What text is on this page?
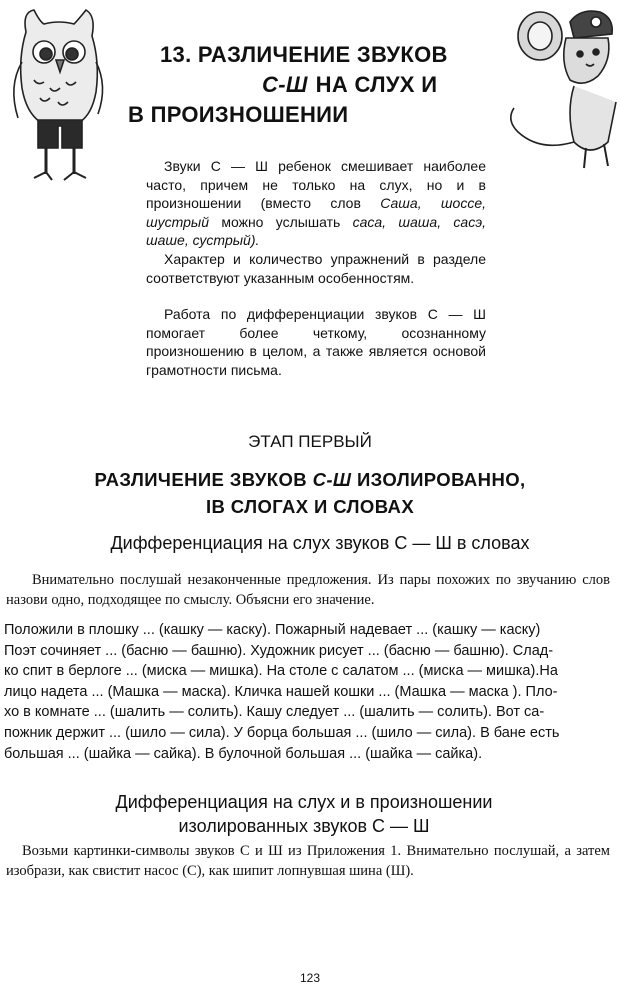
13. РАЗЛИЧЕНИЕ ЗВУКОВ
С-Ш НА СЛУХ И
В ПРОИЗНОШЕНИИ
Звуки С — Ш ребенок смешивает наиболее часто, причем не только на слух, но и в произношении (вместо слов Саша, шоссе, шустрый можно услышать саса, шаша, сасэ, шаше, сустрый).
Характер и количество упражнений в разделе соответствуют указанным особенностям.
Работа по дифференциации звуков С — Ш помогает более четкому, осознанному произношению в целом, а также является основой грамотности письма.
ЭТАП ПЕРВЫЙ
РАЗЛИЧЕНИЕ ЗВУКОВ С-Ш ИЗОЛИРОВАННО,
IВ СЛОГАХ И СЛОВАХ
Дифференциация на слух звуков С — Ш в словах
Внимательно послушай незаконченные предложения. Из пары похожих по звучанию слов назови одно, подходящее по смыслу. Объясни его значение.
Положили в плошку ... (кашку — каску). Пожарный надевает ... (кашку — каску)
Поэт сочиняет ... (басню — башню). Художник рисует ... (басню — башню). Слад-
ко спит в берлоге ... (миска — мишка). На столе с салатом ... (миска — мишка).На
лицо надета ... (Машка — маска). Кличка нашей кошки ... (Машка — маска ). Пло-
хо в комнате ... (шалить — солить). Кашу следует ... (шалить — солить). Вот са-
пожник держит ... (шило — сила). У борца большая ... (шило — сила). В бане есть
большая ... (шайка — сайка). В булочной большая ... (шайка — сайка).
Дифференциация на слух и в произношении
изолированных звуков С — Ш
Возьми картинки-символы звуков С и Ш из Приложения 1. Внимательно послушай, а затем изобрази, как свистит насос (С), как шипит лопнувшая шина (Ш).
123
